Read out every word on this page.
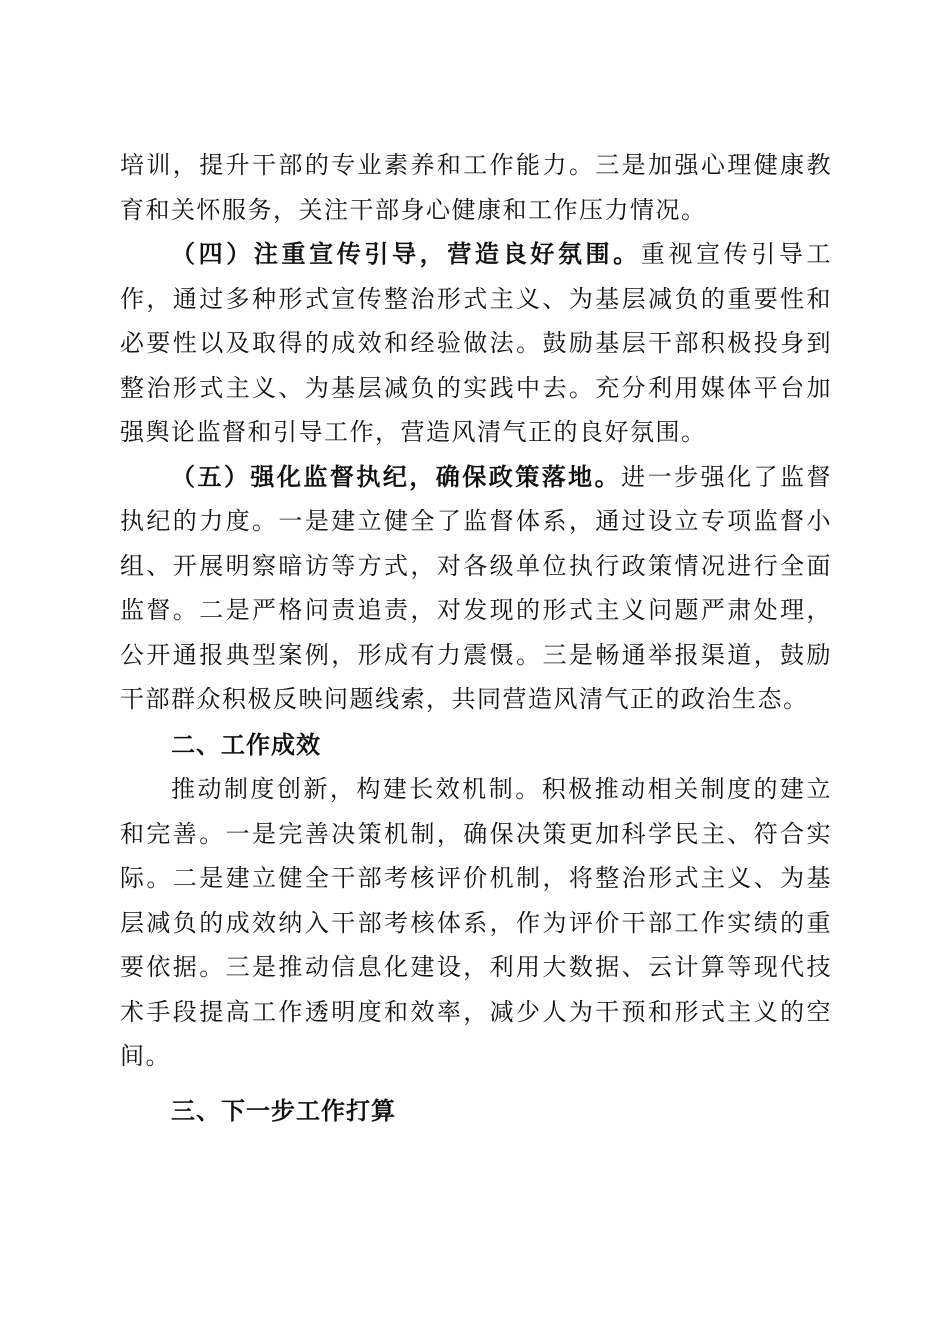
培训，提升干部的专业素养和工作能力。三是加强心理健康教育和关怀服务，关注干部身心健康和工作压力情况。

（四）注重宣传引导，营造良好氛围。重视宣传引导工作，通过多种形式宣传整治形式主义、为基层减负的重要性和必要性以及取得的成效和经验做法。鼓励基层干部积极投身到整治形式主义、为基层减负的实践中去。充分利用媒体平台加强舆论监督和引导工作，营造风清气正的良好氛围。

（五）强化监督执纪，确保政策落地。进一步强化了监督执纪的力度。一是建立健全了监督体系，通过设立专项监督小组、开展明察暗访等方式，对各级单位执行政策情况进行全面监督。二是严格问责追责，对发现的形式主义问题严肃处理，公开通报典型案例，形成有力震慑。三是畅通举报渠道，鼓励干部群众积极反映问题线索，共同营造风清气正的政治生态。

二、工作成效

推动制度创新，构建长效机制。积极推动相关制度的建立和完善。一是完善决策机制，确保决策更加科学民主、符合实际。二是建立健全干部考核评价机制，将整治形式主义、为基层减负的成效纳入干部考核体系，作为评价干部工作实绩的重要依据。三是推动信息化建设，利用大数据、云计算等现代技术手段提高工作透明度和效率，减少人为干预和形式主义的空间。

三、下一步工作打算
